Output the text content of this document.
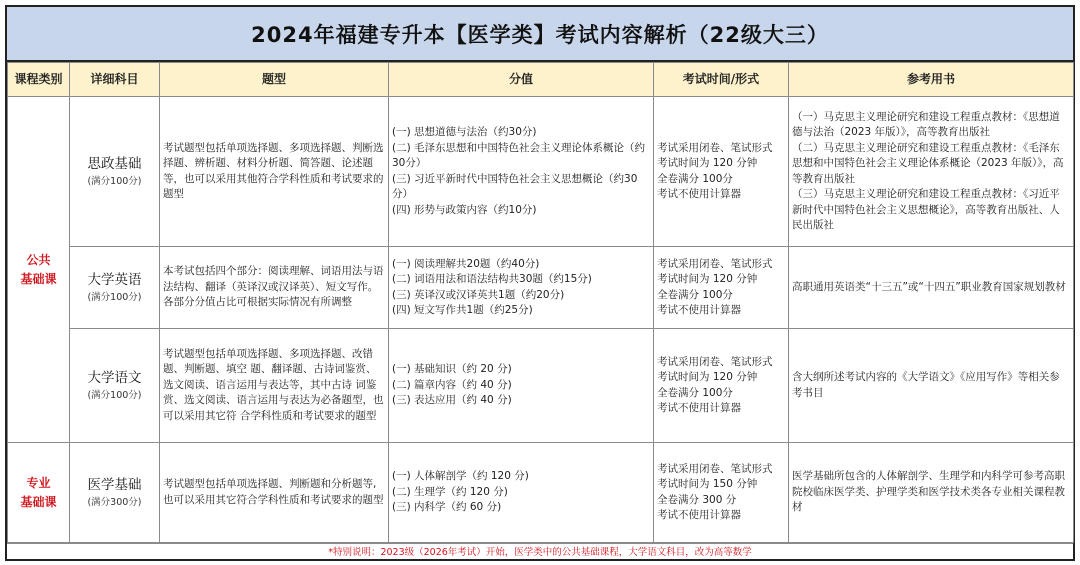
2024年福建专升本【医学类】考试内容解析（22级大三）
课程类别	详细科目	题型	分值	考试时间/形式	参考用书

公共
基础课	思政基础
(满分100分)	考试题型包括单项选择题、多项选择题、判断选择题、辨析题、材料分析题、简答题、论述题等，也可以采用其他符合学科性质和考试要求的题型	(一) 思想道德与法治（约30分)
(二) 毛泽东思想和中国特色社会主义理论体系概论（约30分）
(三) 习近平新时代中国特色社会主义思想概论（约30分）
(四) 形势与政策内容（约10分)	考试采用闭卷、笔试形式
考试时间为 120 分钟
全卷满分 100分
考试不使用计算器	（一）马克思主义理论研究和建设工程重点教材：《思想道德与法治（2023 年版）》，高等教育出版社
（二）马克思主义理论研究和建设工程重点教材：《毛泽东思想和中国特色社会主义理论体系概论（2023 年版）》，高等教育出版社
（三）马克思主义理论研究和建设工程重点教材：《习近平新时代中国特色社会主义思想概论》，高等教育出版社、人民出版社

	大学英语
(满分100分)	本考试包括四个部分：阅读理解、词语用法与语法结构、翻译（英译汉或汉译英）、短文写作。各部分分值占比可根据实际情况有所调整	(一) 阅读理解共20题（约40分)
(二) 词语用法和语法结构共30题（约15分)
(三) 英译汉或汉译英共1题（约20分)
(四) 短文写作共1题（约25分)	考试采用闭卷、笔试形式
考试时间为 120 分钟
全卷满分 100分
考试不使用计算器	高职通用英语类“十三五”或“十四五”职业教育国家规划教材

	大学语文
(满分100分)	考试题型包括单项选择题、多项选择题、改错题、判断题、填空 题、翻译题、古诗词鉴赏、选文阅读、语言运用与表达等，其中古诗 词鉴赏、选文阅读、语言运用与表达为必备题型，也可以采用其它符 合学科性质和考试要求的题型	(一) 基础知识（约 20 分)
(二) 篇章内容（约 40 分)
(三) 表达应用（约 40 分)	考试采用闭卷、笔试形式
考试时间为 120 分钟
全卷满分 100分
考试不使用计算器	含大纲所述考试内容的《大学语文》《应用写作》等相关参考书目

专业
基础课	医学基础
(满分300分)	考试题型包括单项选择题、判断题和分析题等,也可以采用其它符合学科性质和考试要求的题型	(一) 人体解剖学（约 120 分)
(二) 生理学（约 120 分)
(三) 内科学（约 60 分)	考试采用闭卷、笔试形式
考试时间为 150 分钟
全卷满分 300 分
考试不使用计算器	医学基础所包含的人体解剖学、生理学和内科学可参考高职院校临床医学类、护理学类和医学技术类各专业相关课程教材
*特别说明：2023级（2026年考试）开始，医学类中的公共基础课程，大学语文科目，改为高等数学
